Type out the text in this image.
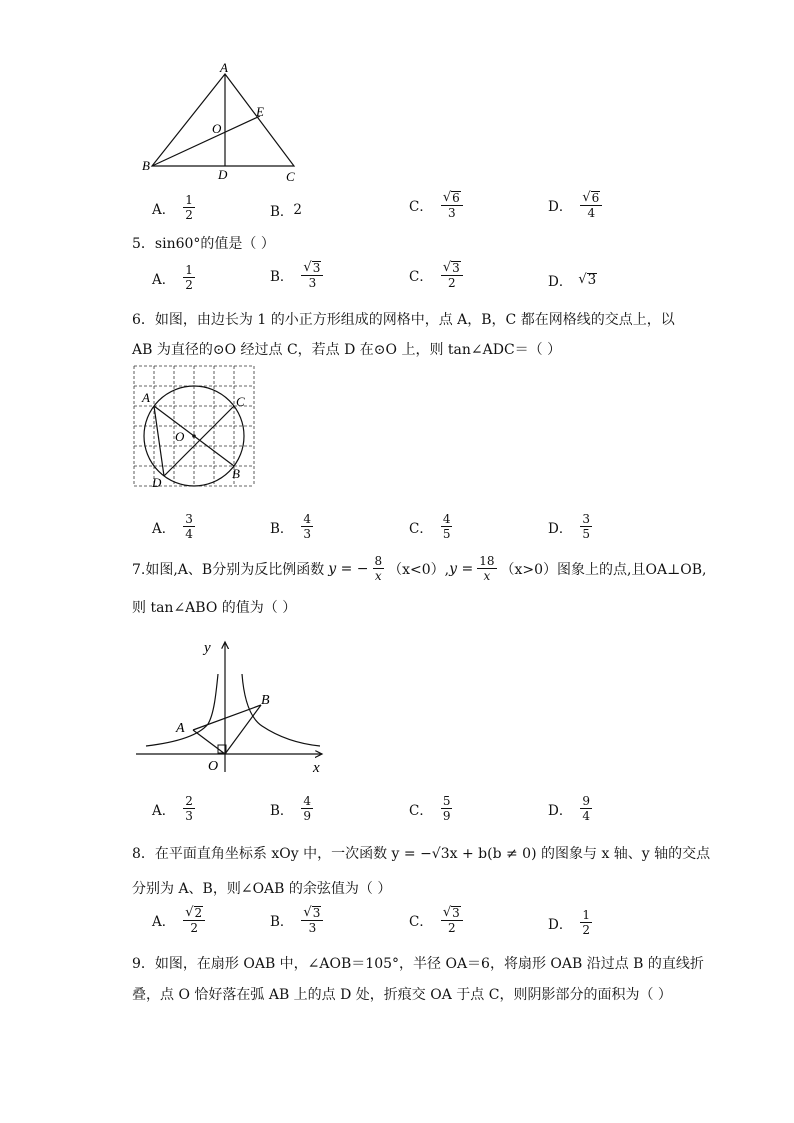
A
E
O
B
D	C
A． $\frac{1}{2}$	B． 2	C． $\frac{√ 6}{3}$	D． $\frac{√ 6}{4}$
5．sin60°的值是（ ）
A． $\frac{1}{2}$	B． $\frac{√ 3}{3}$	C． $\frac{√ 3}{2}$	D． √ 3
6．如图，由边长为 1 的小正方形组成的网格中，点 A，B，C 都在网格线的交点上，以
AB 为直径的⊙O 经过点 C，若点 D 在⊙O 上，则 tan∠ADC＝（ ）
A	C
O
D
B
A． $\frac{3}{4}$	B． $\frac{4}{3}$	C． $\frac{4}{5}$	D． $\frac{3}{5}$
7.如图,A、B分别为反比例函数 y = − $\frac{8}{x} (x<0)$, $y = \frac{18}{x} (x>0)$图象上的点,且OA⊥OB,
则 tan∠ABO 的值为（ ）
y
x
A
B
O
A． $\frac{2}{3}$	B． $\frac{4}{9}$	C． $\frac{5}{9}$	D． $\frac{9}{4}$
8．在平面直角坐标系 xOy 中，一次函数 y = −√3x + b(b ≠ 0) 的图象与 x 轴、y 轴的交点
分别为 A、B，则∠OAB 的余弦值为（ ）
A． $\frac{√ 2}{2}$	B． $\frac{√ 3}{3}$	C． $\frac{√ 3}{2}$	D． $\frac{1}{2}$
9．如图，在扇形 OAB 中，∠AOB＝105°，半径 OA＝6，将扇形 OAB 沿过点 B 的直线折
叠，点 O 恰好落在弧 AB 上的点 D 处，折痕交 OA 于点 C，则阴影部分的面积为（ ）
